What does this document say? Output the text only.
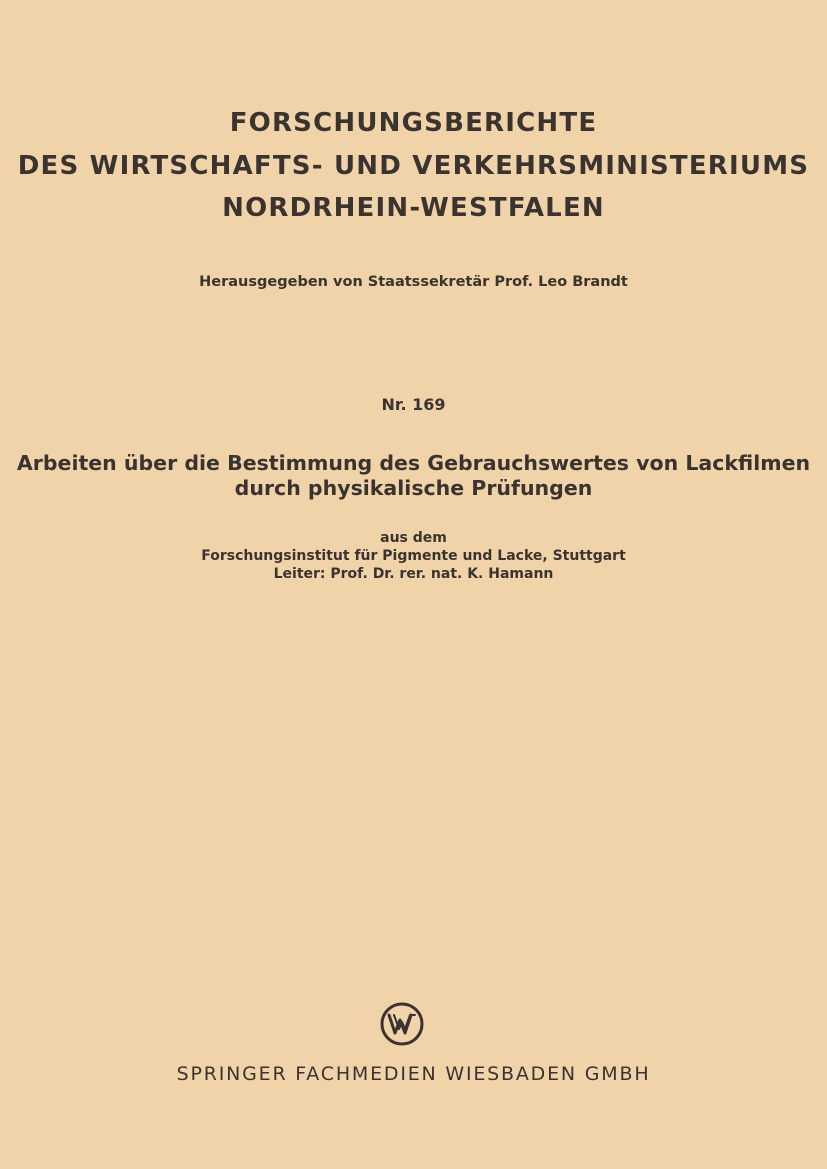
FORSCHUNGSBERICHTE
DES WIRTSCHAFTS- UND VERKEHRSMINISTERIUMS
NORDRHEIN-WESTFALEN
Herausgegeben von Staatssekretär Prof. Leo Brandt
Nr. 169
Arbeiten über die Bestimmung des Gebrauchswertes von Lackfilmen
durch physikalische Prüfungen
aus dem
Forschungsinstitut für Pigmente und Lacke, Stuttgart
Leiter: Prof. Dr. rer. nat. K. Hamann
SPRINGER FACHMEDIEN WIESBADEN GMBH
